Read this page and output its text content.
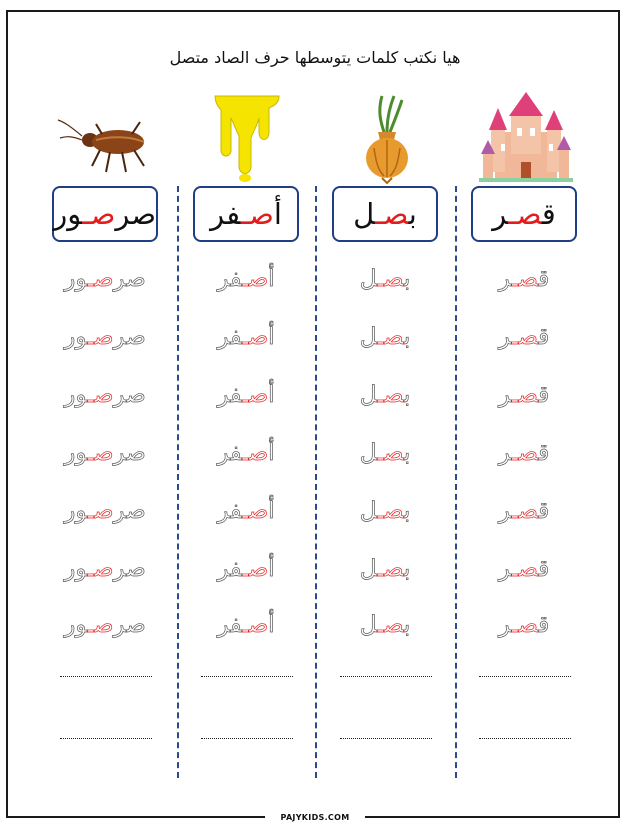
هيا نكتب كلمات يتوسطها حرف الصاد متصل
قصـر
قصـر
قصـر
قصـر
قصـر
قصـر
قصـر
قصـر
بصـل
بصـل
بصـل
بصـل
بصـل
بصـل
بصـل
بصـل
أصـفر
أصـفر
أصـفر
أصـفر
أصـفر
أصـفر
أصـفر
أصـفر
صرصـور
صرصـور
صرصـور
صرصـور
صرصـور
صرصـور
صرصـور
صرصـور
PAJYKIDS.COM
